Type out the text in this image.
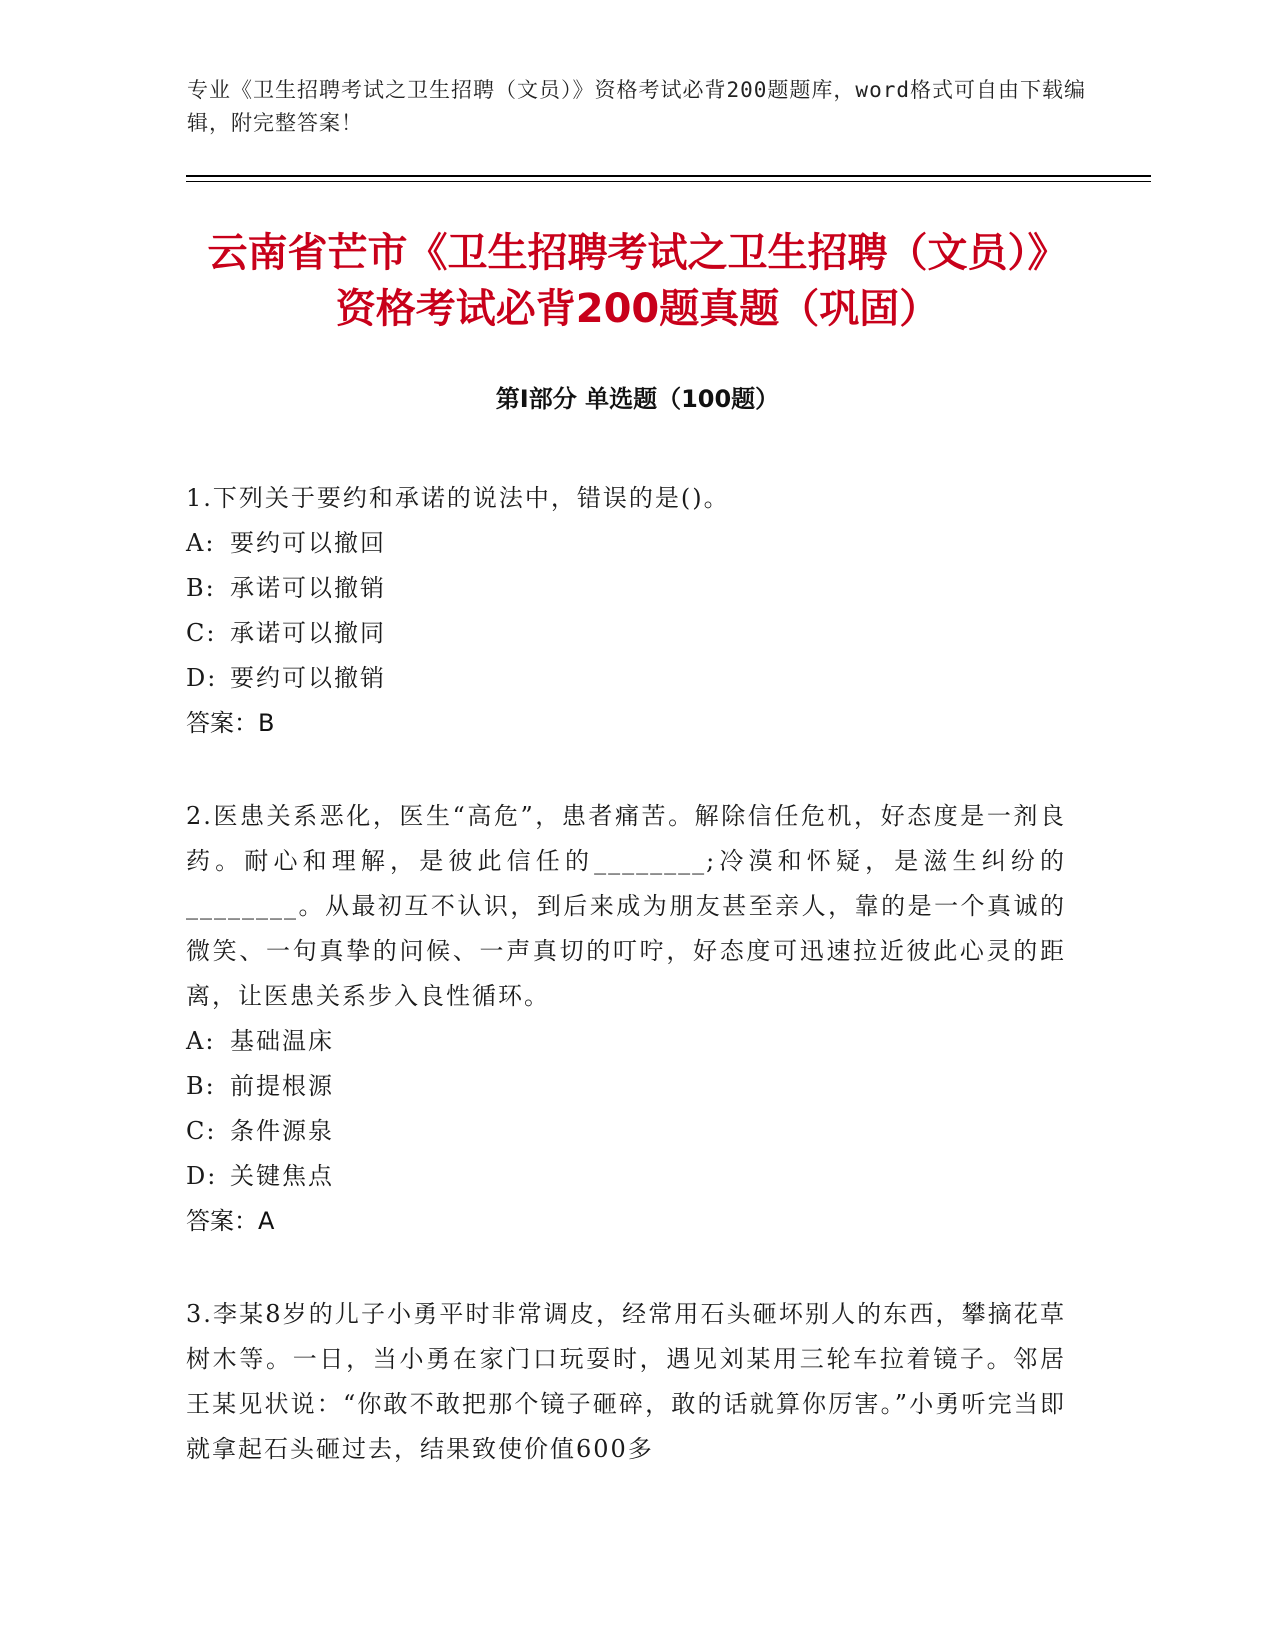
专业《卫生招聘考试之卫生招聘（文员）》资格考试必背200题题库，word格式可自由下载编辑，附完整答案！
云南省芒市《卫生招聘考试之卫生招聘（文员）》资格考试必背200题真题（巩固）
第Ⅰ部分 单选题（100题）

1.下列关于要约和承诺的说法中，错误的是()。

A: 要约可以撤回

B: 承诺可以撤销

C: 承诺可以撤同

D: 要约可以撤销

答案：B

2.医患关系恶化，医生“高危”，患者痛苦。解除信任危机，好态度是一剂良药。耐心和理解，是彼此信任的________;冷漠和怀疑，是滋生纠纷的________。从最初互不认识，到后来成为朋友甚至亲人，靠的是一个真诚的微笑、一句真挚的问候、一声真切的叮咛，好态度可迅速拉近彼此心灵的距离，让医患关系步入良性循环。

A: 基础温床

B: 前提根源

C: 条件源泉

D: 关键焦点

答案：A

3.李某8岁的儿子小勇平时非常调皮，经常用石头砸坏别人的东西，攀摘花草树木等。一日，当小勇在家门口玩耍时，遇见刘某用三轮车拉着镜子。邻居王某见状说：“你敢不敢把那个镜子砸碎，敢的话就算你厉害。”小勇听完当即就拿起石头砸过去，结果致使价值600多
